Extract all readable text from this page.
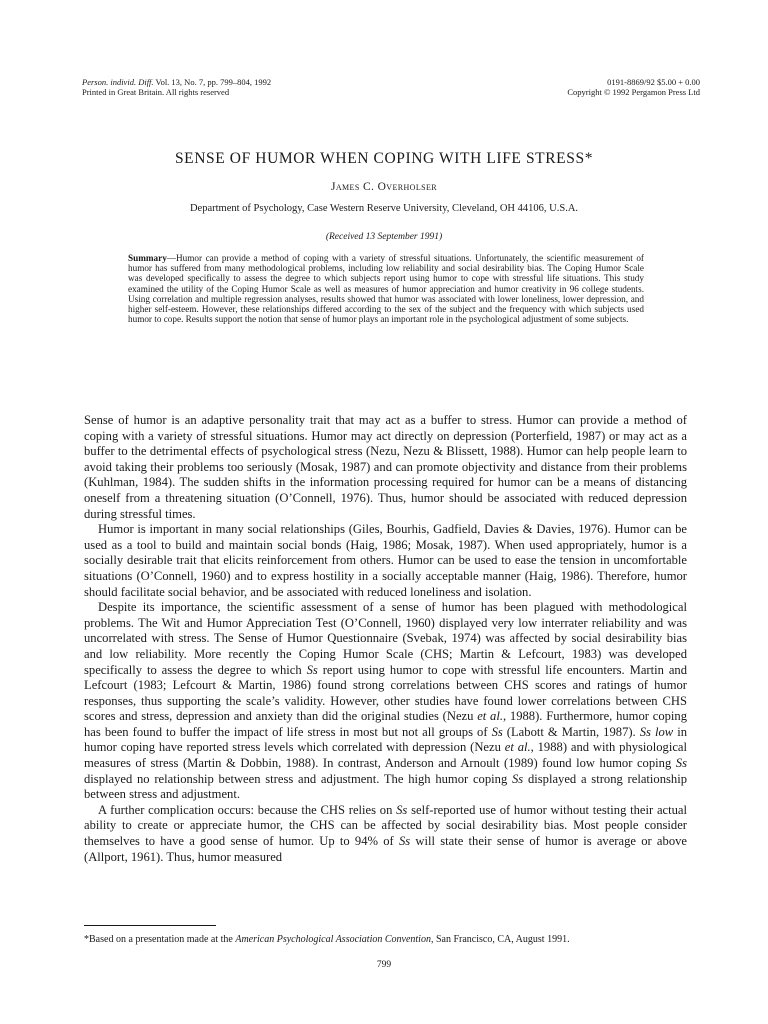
Person. individ. Diff. Vol. 13, No. 7, pp. 799–804, 1992
Printed in Great Britain. All rights reserved
0191-8869/92 $5.00 + 0.00
Copyright © 1992 Pergamon Press Ltd
SENSE OF HUMOR WHEN COPING WITH LIFE STRESS*
James C. Overholser
Department of Psychology, Case Western Reserve University, Cleveland, OH 44106, U.S.A.
(Received 13 September 1991)
Summary—Humor can provide a method of coping with a variety of stressful situations. Unfortunately, the scientific measurement of humor has suffered from many methodological problems, including low reliability and social desirability bias. The Coping Humor Scale was developed specifically to assess the degree to which subjects report using humor to cope with stressful life situations. This study examined the utility of the Coping Humor Scale as well as measures of humor appreciation and humor creativity in 96 college students. Using correlation and multiple regression analyses, results showed that humor was associated with lower loneliness, lower depression, and higher self-esteem. However, these relationships differed according to the sex of the subject and the frequency with which subjects used humor to cope. Results support the notion that sense of humor plays an important role in the psychological adjustment of some subjects.

Sense of humor is an adaptive personality trait that may act as a buffer to stress. Humor can provide a method of coping with a variety of stressful situations. Humor may act directly on depression (Porterfield, 1987) or may act as a buffer to the detrimental effects of psychological stress (Nezu, Nezu & Blissett, 1988). Humor can help people learn to avoid taking their problems too seriously (Mosak, 1987) and can promote objectivity and distance from their problems (Kuhlman, 1984). The sudden shifts in the information processing required for humor can be a means of distancing oneself from a threatening situation (O’Connell, 1976). Thus, humor should be associated with reduced depression during stressful times.

Humor is important in many social relationships (Giles, Bourhis, Gadfield, Davies & Davies, 1976). Humor can be used as a tool to build and maintain social bonds (Haig, 1986; Mosak, 1987). When used appropriately, humor is a socially desirable trait that elicits reinforcement from others. Humor can be used to ease the tension in uncomfortable situations (O’Connell, 1960) and to express hostility in a socially acceptable manner (Haig, 1986). Therefore, humor should facilitate social behavior, and be associated with reduced loneliness and isolation.

Despite its importance, the scientific assessment of a sense of humor has been plagued with methodological problems. The Wit and Humor Appreciation Test (O’Connell, 1960) displayed very low interrater reliability and was uncorrelated with stress. The Sense of Humor Questionnaire (Svebak, 1974) was affected by social desirability bias and low reliability. More recently the Coping Humor Scale (CHS; Martin & Lefcourt, 1983) was developed specifically to assess the degree to which Ss report using humor to cope with stressful life encounters. Martin and Lefcourt (1983; Lefcourt & Martin, 1986) found strong correlations between CHS scores and ratings of humor responses, thus supporting the scale’s validity. However, other studies have found lower correlations between CHS scores and stress, depression and anxiety than did the original studies (Nezu et al., 1988). Furthermore, humor coping has been found to buffer the impact of life stress in most but not all groups of Ss (Labott & Martin, 1987). Ss low in humor coping have reported stress levels which correlated with depression (Nezu et al., 1988) and with physiological measures of stress (Martin & Dobbin, 1988). In contrast, Anderson and Arnoult (1989) found low humor coping Ss displayed no relationship between stress and adjustment. The high humor coping Ss displayed a strong relationship between stress and adjustment.

A further complication occurs: because the CHS relies on Ss self-reported use of humor without testing their actual ability to create or appreciate humor, the CHS can be affected by social desirability bias. Most people consider themselves to have a good sense of humor. Up to 94% of Ss will state their sense of humor is average or above (Allport, 1961). Thus, humor measured

*Based on a presentation made at the American Psychological Association Convention, San Francisco, CA, August 1991.
799
